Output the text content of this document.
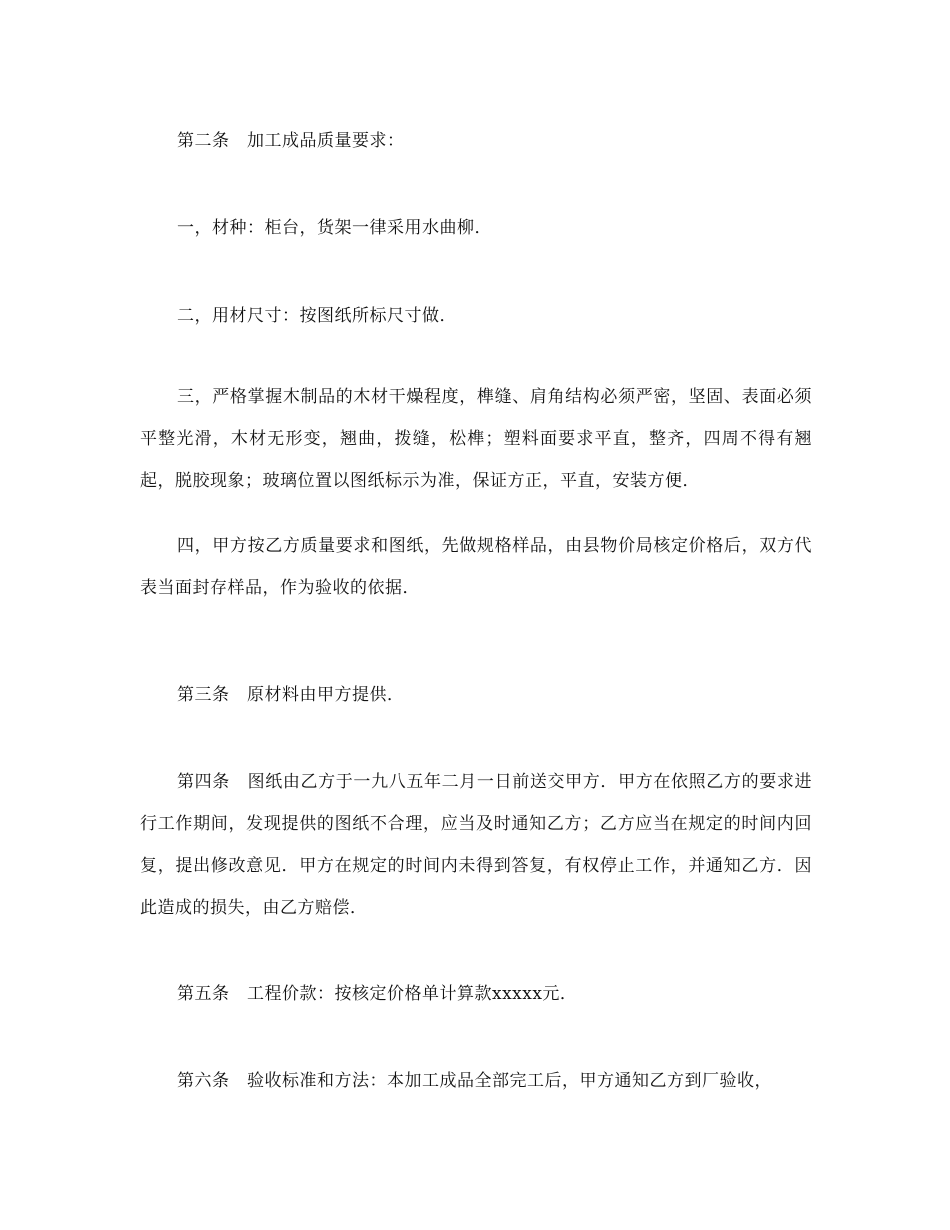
第二条　加工成品质量要求：

一，材种：柜台，货架一律采用水曲柳．

二，用材尺寸：按图纸所标尺寸做．

三，严格掌握木制品的木材干燥程度，榫缝、肩角结构必须严密，坚固、表面必须平整光滑，木材无形变，翘曲，拨缝，松榫；塑料面要求平直，整齐，四周不得有翘起，脱胶现象；玻璃位置以图纸标示为准，保证方正，平直，安装方便．

四，甲方按乙方质量要求和图纸，先做规格样品，由县物价局核定价格后，双方代表当面封存样品，作为验收的依据．

第三条　原材料由甲方提供．

第四条　图纸由乙方于一九八五年二月一日前送交甲方．甲方在依照乙方的要求进行工作期间，发现提供的图纸不合理，应当及时通知乙方；乙方应当在规定的时间内回复，提出修改意见．甲方在规定的时间内未得到答复，有权停止工作，并通知乙方．因此造成的损失，由乙方赔偿．

第五条　工程价款：按核定价格单计算款xxxxx元．

第六条　验收标准和方法：本加工成品全部完工后，甲方通知乙方到厂验收，
